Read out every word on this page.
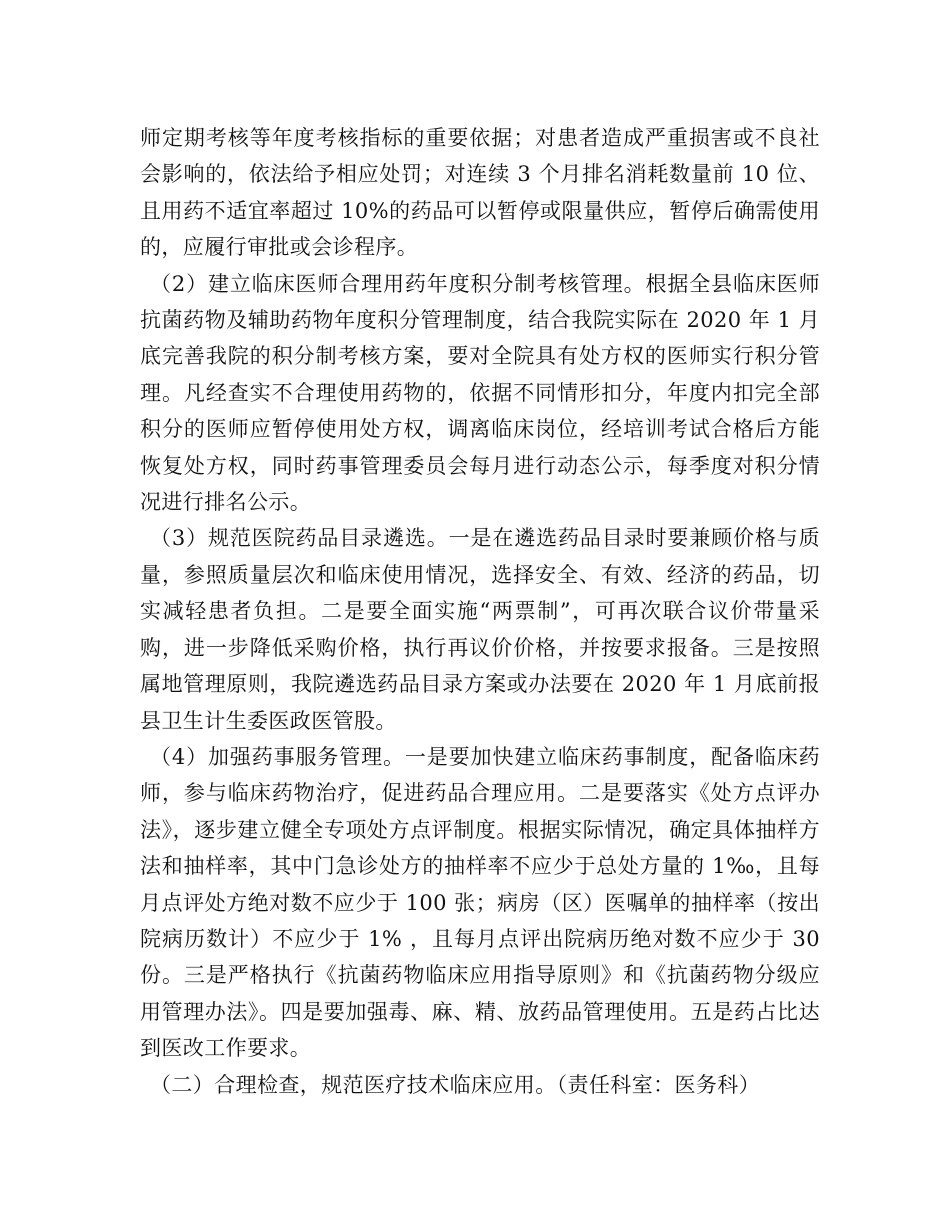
师定期考核等年度考核指标的重要依据；对患者造成严重损害或不良社会影响的，依法给予相应处罚；对连续 3 个月排名消耗数量前 10 位、且用药不适宜率超过 10%的药品可以暂停或限量供应，暂停后确需使用的，应履行审批或会诊程序。

（2）建立临床医师合理用药年度积分制考核管理。根据全县临床医师抗菌药物及辅助药物年度积分管理制度，结合我院实际在 2020 年 1 月底完善我院的积分制考核方案，要对全院具有处方权的医师实行积分管理。凡经查实不合理使用药物的，依据不同情形扣分，年度内扣完全部积分的医师应暂停使用处方权，调离临床岗位，经培训考试合格后方能恢复处方权，同时药事管理委员会每月进行动态公示，每季度对积分情况进行排名公示。

（3）规范医院药品目录遴选。一是在遴选药品目录时要兼顾价格与质量，参照质量层次和临床使用情况，选择安全、有效、经济的药品，切实减轻患者负担。二是要全面实施“两票制”，可再次联合议价带量采购，进一步降低采购价格，执行再议价价格，并按要求报备。三是按照属地管理原则，我院遴选药品目录方案或办法要在 2020 年 1 月底前报县卫生计生委医政医管股。

（4）加强药事服务管理。一是要加快建立临床药事制度，配备临床药师，参与临床药物治疗，促进药品合理应用。二是要落实《处方点评办法》，逐步建立健全专项处方点评制度。根据实际情况，确定具体抽样方法和抽样率，其中门急诊处方的抽样率不应少于总处方量的 1‰，且每月点评处方绝对数不应少于 100 张；病房（区）医嘱单的抽样率（按出院病历数计）不应少于 1% ，且每月点评出院病历绝对数不应少于 30 份。三是严格执行《抗菌药物临床应用指导原则》和《抗菌药物分级应用管理办法》。四是要加强毒、麻、精、放药品管理使用。五是药占比达到医改工作要求。

（二）合理检查，规范医疗技术临床应用。（责任科室：医务科）
